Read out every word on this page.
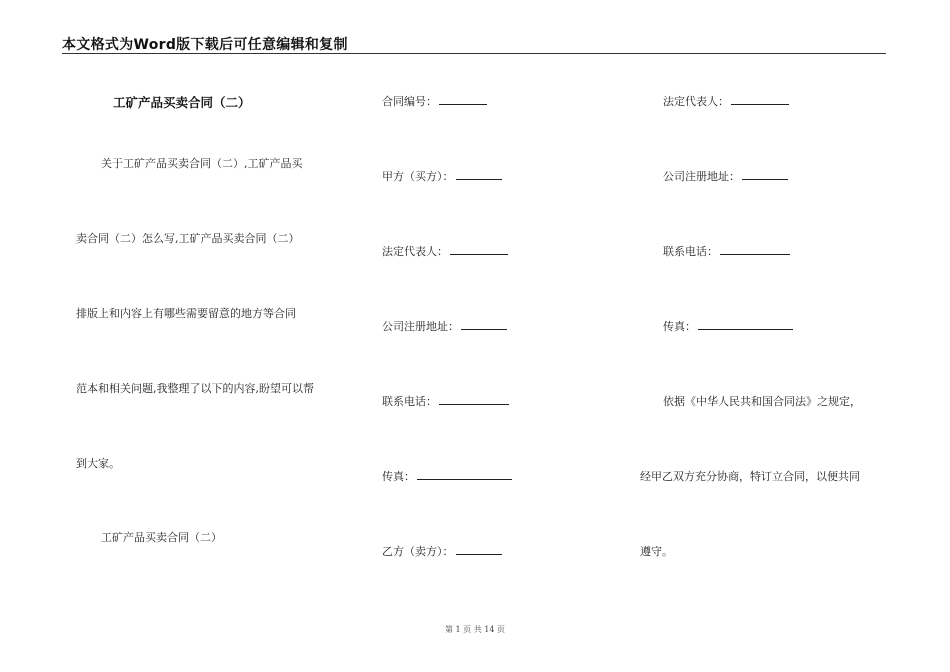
本文格式为Word版下载后可任意编辑和复制
工矿产品买卖合同（二）
关于工矿产品买卖合同（二）,工矿产品买
卖合同（二）怎么写,工矿产品买卖合同（二）
排版上和内容上有哪些需要留意的地方等合同
范本和相关问题,我整理了以下的内容,盼望可以帮
到大家。
工矿产品买卖合同（二）
合同编号：
甲方（买方）：
法定代表人：
公司注册地址：
联系电话：
传真：
乙方（卖方）：
法定代表人：
公司注册地址：
联系电话：
传真：
依据《中华人民共和国合同法》之规定，
经甲乙双方充分协商，特订立合同，以便共同
遵守。
第 1 页 共 14 页
